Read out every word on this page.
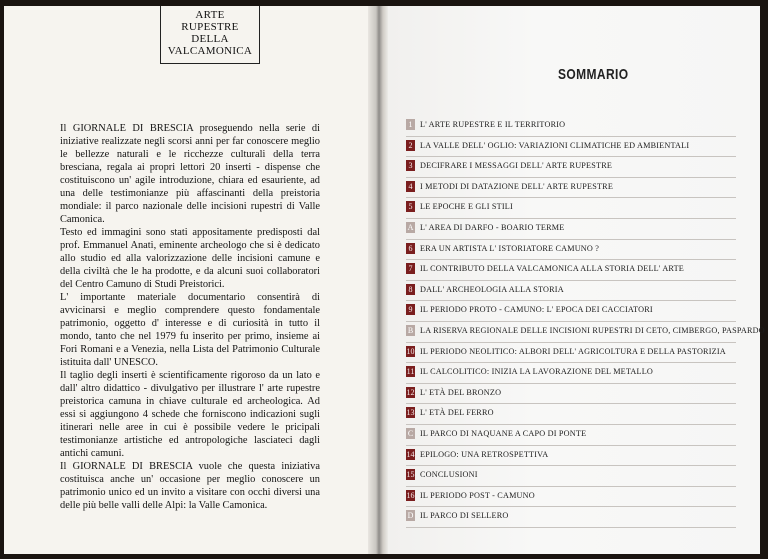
ARTE
RUPESTRE
DELLA
VALCAMONICA

Il GIORNALE DI BRESCIA proseguendo nella serie di iniziative realizzate negli scorsi anni per far conoscere meglio le bellezze naturali e le ricchezze culturali della terra bresciana, regala ai propri lettori 20 inserti - dispense che costituiscono un' agile introduzione, chiara ed esauriente, ad una delle testimonianze più affascinanti della preistoria mondiale: il parco nazionale delle incisioni rupestri di Valle Camonica.

Testo ed immagini sono stati appositamente predisposti dal prof. Emmanuel Anati, eminente archeologo che si è dedicato allo studio ed alla valorizzazione delle incisioni camune e della civiltà che le ha prodotte, e da alcuni suoi collaboratori del Centro Camuno di Studi Preistorici.

L' importante materiale documentario consentirà di avvicinarsi e meglio comprendere questo fondamentale patrimonio, oggetto d' interesse e di curiosità in tutto il mondo, tanto che nel 1979 fu inserito per primo, insieme ai Fori Romani e a Venezia, nella Lista del Patrimonio Culturale istituita dall' UNESCO.

Il taglio degli inserti è scientificamente rigoroso da un lato e dall' altro didattico - divulgativo per illustrare l' arte rupestre preistorica camuna in chiave culturale ed archeologica. Ad essi si aggiungono 4 schede che forniscono indicazioni sugli itinerari nelle aree in cui è possibile vedere le pricipali testimonianze artistiche ed antropologiche lasciateci dagli antichi camuni.

Il GIORNALE DI BRESCIA vuole che questa iniziativa costituisca anche un' occasione per meglio conoscere un patrimonio unico ed un invito a visitare con occhi diversi una delle più belle valli delle Alpi: la Valle Camonica.

SOMMARIO
1 L' ARTE RUPESTRE E IL TERRITORIO
2 LA VALLE DELL' OGLIO: VARIAZIONI CLIMATICHE ED AMBIENTALI
3 DECIFRARE I MESSAGGI DELL' ARTE RUPESTRE
4 I METODI DI DATAZIONE DELL' ARTE RUPESTRE
5 LE EPOCHE E GLI STILI
A L' AREA DI DARFO - BOARIO TERME
6 ERA UN ARTISTA L' ISTORIATORE CAMUNO ?
7 IL CONTRIBUTO DELLA VALCAMONICA ALLA STORIA DELL' ARTE
8 DALL' ARCHEOLOGIA ALLA STORIA
9 IL PERIODO PROTO - CAMUNO: L' EPOCA DEI CACCIATORI
B LA RISERVA REGIONALE DELLE INCISIONI RUPESTRI DI CETO, CIMBERGO, PASPARDO
10 IL PERIODO NEOLITICO: ALBORI DELL' AGRICOLTURA E DELLA PASTORIZIA
11 IL CALCOLITICO: INIZIA LA LAVORAZIONE DEL METALLO
12 L' ETÀ DEL BRONZO
13 L' ETÀ DEL FERRO
C IL PARCO DI NAQUANE A CAPO DI PONTE
14 EPILOGO: UNA RETROSPETTIVA
15 CONCLUSIONI
16 IL PERIODO POST - CAMUNO
D IL PARCO DI SELLERO
